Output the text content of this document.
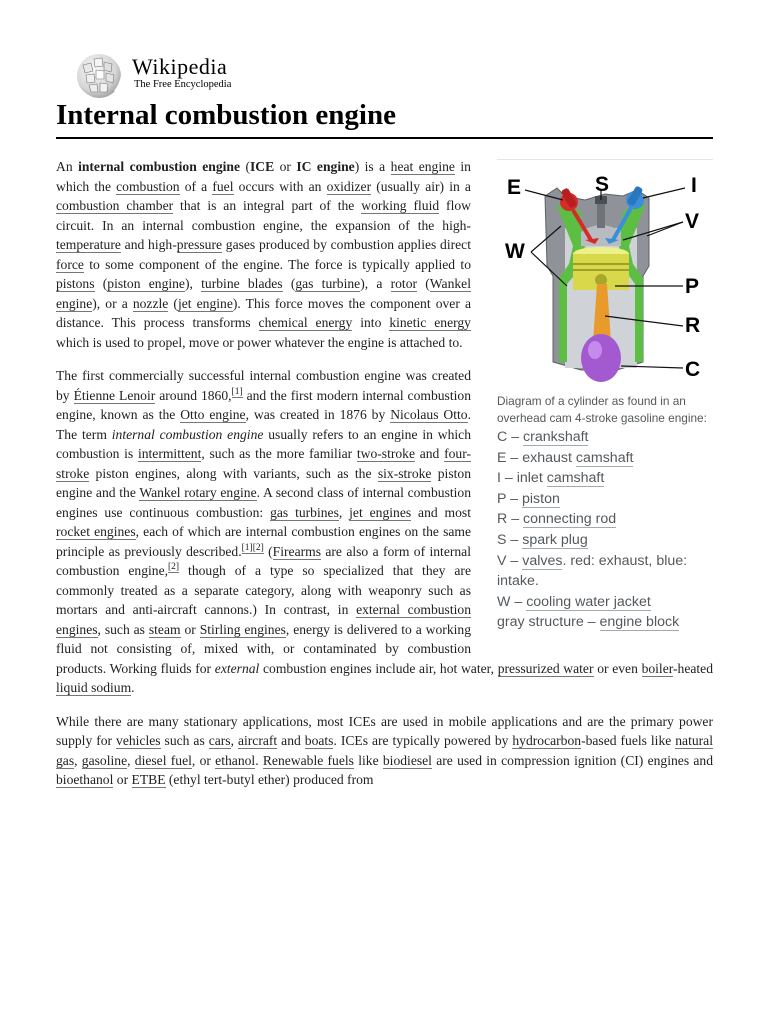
Wikipedia
The Free Encyclopedia
Internal combustion engine
E	S	I
V
W
P
R
C
Diagram of a cylinder as found in an overhead cam 4-stroke gasoline engine:
C – crankshaft
E – exhaust camshaft
I – inlet camshaft
P – piston
R – connecting rod
S – spark plug
V – valves. red: exhaust, blue: intake.
W – cooling water jacket
gray structure – engine block

An internal combustion engine (ICE or IC engine) is a heat engine in which the combustion of a fuel occurs with an oxidizer (usually air) in a combustion chamber that is an integral part of the working fluid flow circuit. In an internal combustion engine, the expansion of the high-temperature and high-pressure gases produced by combustion applies direct force to some component of the engine. The force is typically applied to pistons (piston engine), turbine blades (gas turbine), a rotor (Wankel engine), or a nozzle (jet engine). This force moves the component over a distance. This process transforms chemical energy into kinetic energy which is used to propel, move or power whatever the engine is attached to.

The first commercially successful internal combustion engine was created by Étienne Lenoir around 1860,[1] and the first modern internal combustion engine, known as the Otto engine, was created in 1876 by Nicolaus Otto. The term internal combustion engine usually refers to an engine in which combustion is intermittent, such as the more familiar two-stroke and four-stroke piston engines, along with variants, such as the six-stroke piston engine and the Wankel rotary engine. A second class of internal combustion engines use continuous combustion: gas turbines, jet engines and most rocket engines, each of which are internal combustion engines on the same principle as previously described.[1][2] (Firearms are also a form of internal combustion engine,[2] though of a type so specialized that they are commonly treated as a separate category, along with weaponry such as mortars and anti-aircraft cannons.) In contrast, in external combustion engines, such as steam or Stirling engines, energy is delivered to a working fluid not consisting of, mixed with, or contaminated by combustion products. Working fluids for external combustion engines include air, hot water, pressurized water or even boiler-heated liquid sodium.

While there are many stationary applications, most ICEs are used in mobile applications and are the primary power supply for vehicles such as cars, aircraft and boats. ICEs are typically powered by hydrocarbon-based fuels like natural gas, gasoline, diesel fuel, or ethanol. Renewable fuels like biodiesel are used in compression ignition (CI) engines and bioethanol or ETBE (ethyl tert-butyl ether) produced from
